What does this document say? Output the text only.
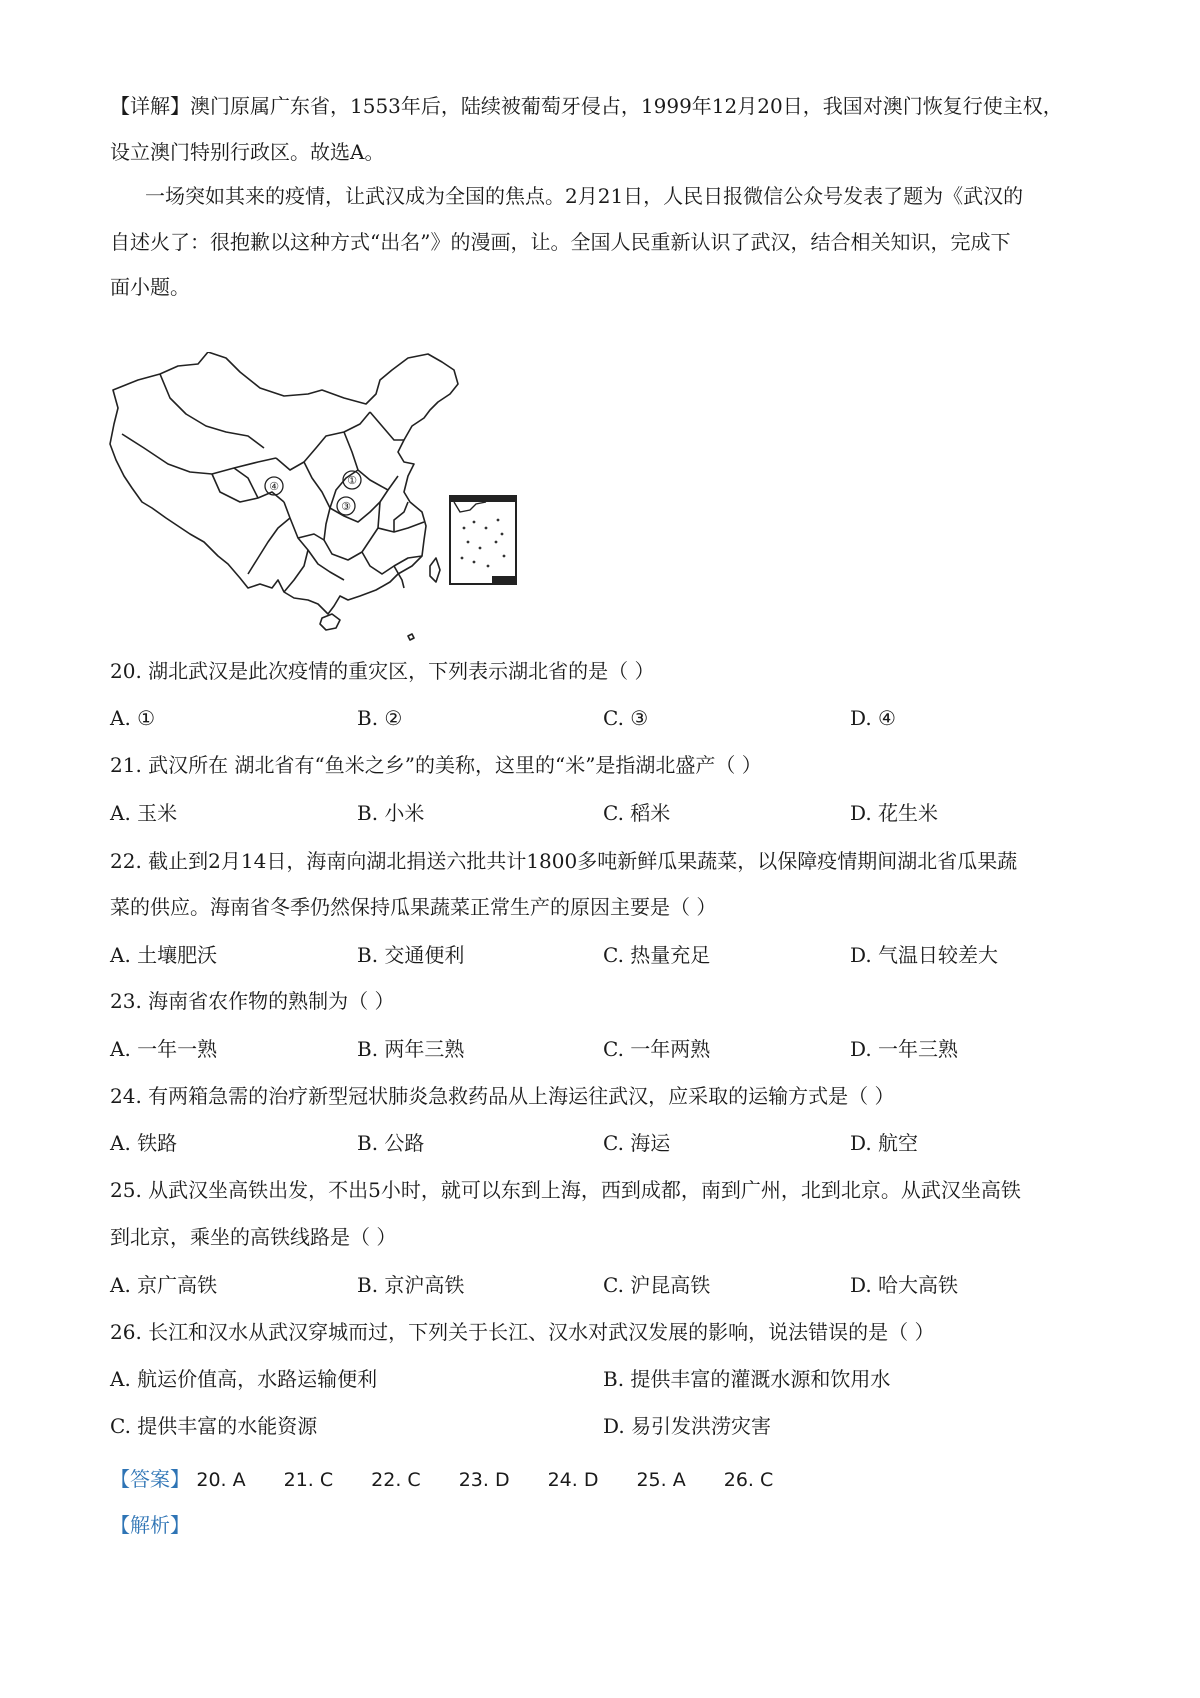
【详解】澳门原属广东省，1553年后，陆续被葡萄牙侵占，1999年12月20日，我国对澳门恢复行使主权，
设立澳门特别行政区。故选A。
一场突如其来的疫情，让武汉成为全国的焦点。2月21日，人民日报微信公众号发表了题为《武汉的
自述火了：很抱歉以这种方式“出名”》的漫画，让。全国人民重新认识了武汉，结合相关知识，完成下
面小题。
④	①
③
20. 湖北武汉是此次疫情的重灾区，下列表示湖北省的是（ ）
A. ①	B. ②	C. ③	D. ④
21. 武汉所在 湖北省有“鱼米之乡”的美称，这里的“米”是指湖北盛产（ ）
A. 玉米	B. 小米	C. 稻米	D. 花生米
22. 截止到2月14日，海南向湖北捐送六批共计1800多吨新鲜瓜果蔬菜，以保障疫情期间湖北省瓜果蔬
菜的供应。海南省冬季仍然保持瓜果蔬菜正常生产的原因主要是（ ）
A. 土壤肥沃	B. 交通便利	C. 热量充足	D. 气温日较差大
23. 海南省农作物的熟制为（ ）
A. 一年一熟	B. 两年三熟	C. 一年两熟	D. 一年三熟
24. 有两箱急需的治疗新型冠状肺炎急救药品从上海运往武汉，应采取的运输方式是（ ）
A. 铁路	B. 公路	C. 海运	D. 航空
25. 从武汉坐高铁出发，不出5小时，就可以东到上海，西到成都，南到广州，北到北京。从武汉坐高铁
到北京，乘坐的高铁线路是（ ）
A. 京广高铁	B. 京沪高铁	C. 沪昆高铁	D. 哈大高铁
26. 长江和汉水从武汉穿城而过，下列关于长江、汉水对武汉发展的影响，说法错误的是（ ）
A. 航运价值高，水路运输便利	B. 提供丰富的灌溉水源和饮用水
C. 提供丰富的水能资源	D. 易引发洪涝灾害
【答案】 20. A 21. C 22. C 23. D 24. D 25. A 26. C
【解析】
